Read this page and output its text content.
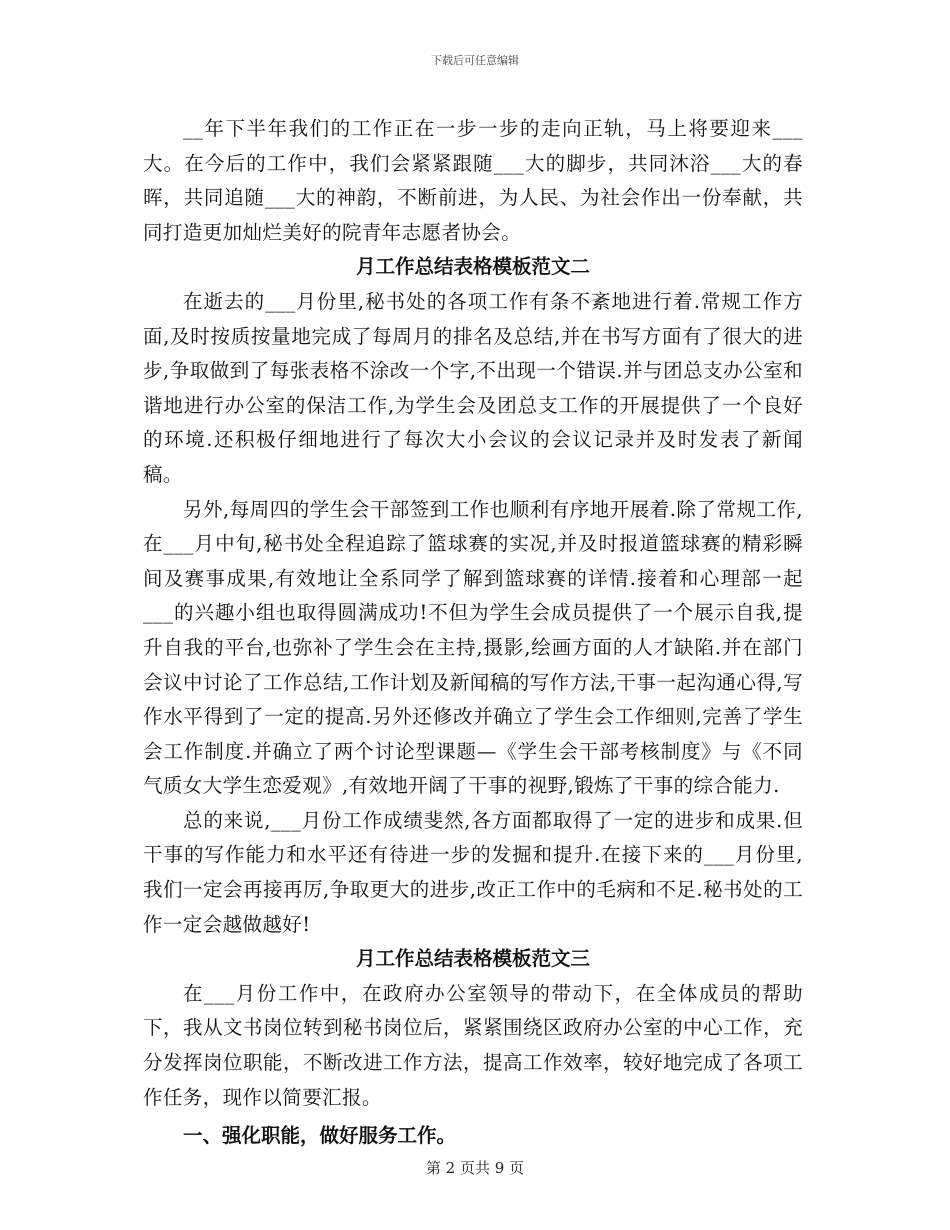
下载后可任意编辑

__年下半年我们的工作正在一步一步的走向正轨，马上将要迎来___大。在今后的工作中，我们会紧紧跟随___大的脚步，共同沐浴___大的春晖，共同追随___大的神韵，不断前进，为人民、为社会作出一份奉献，共同打造更加灿烂美好的院青年志愿者协会。

月工作总结表格模板范文二

在逝去的___月份里,秘书处的各项工作有条不紊地进行着.常规工作方面,及时按质按量地完成了每周月的排名及总结,并在书写方面有了很大的进步,争取做到了每张表格不涂改一个字,不出现一个错误.并与团总支办公室和谐地进行办公室的保洁工作,为学生会及团总支工作的开展提供了一个良好的环境.还积极仔细地进行了每次大小会议的会议记录并及时发表了新闻稿。

另外,每周四的学生会干部签到工作也顺利有序地开展着.除了常规工作,在___月中旬,秘书处全程追踪了篮球赛的实况,并及时报道篮球赛的精彩瞬间及赛事成果,有效地让全系同学了解到篮球赛的详情.接着和心理部一起___的兴趣小组也取得圆满成功!不但为学生会成员提供了一个展示自我,提升自我的平台,也弥补了学生会在主持,摄影,绘画方面的人才缺陷.并在部门会议中讨论了工作总结,工作计划及新闻稿的写作方法,干事一起沟通心得,写作水平得到了一定的提高.另外还修改并确立了学生会工作细则,完善了学生会工作制度.并确立了两个讨论型课题—《学生会干部考核制度》与《不同气质女大学生恋爱观》,有效地开阔了干事的视野,锻炼了干事的综合能力.

总的来说,___月份工作成绩斐然,各方面都取得了一定的进步和成果.但干事的写作能力和水平还有待进一步的发掘和提升.在接下来的___月份里,我们一定会再接再厉,争取更大的进步,改正工作中的毛病和不足.秘书处的工作一定会越做越好!

月工作总结表格模板范文三

在___月份工作中，在政府办公室领导的带动下，在全体成员的帮助下，我从文书岗位转到秘书岗位后，紧紧围绕区政府办公室的中心工作，充分发挥岗位职能，不断改进工作方法，提高工作效率，较好地完成了各项工作任务，现作以简要汇报。

一、强化职能，做好服务工作。

第 2 页共 9 页
